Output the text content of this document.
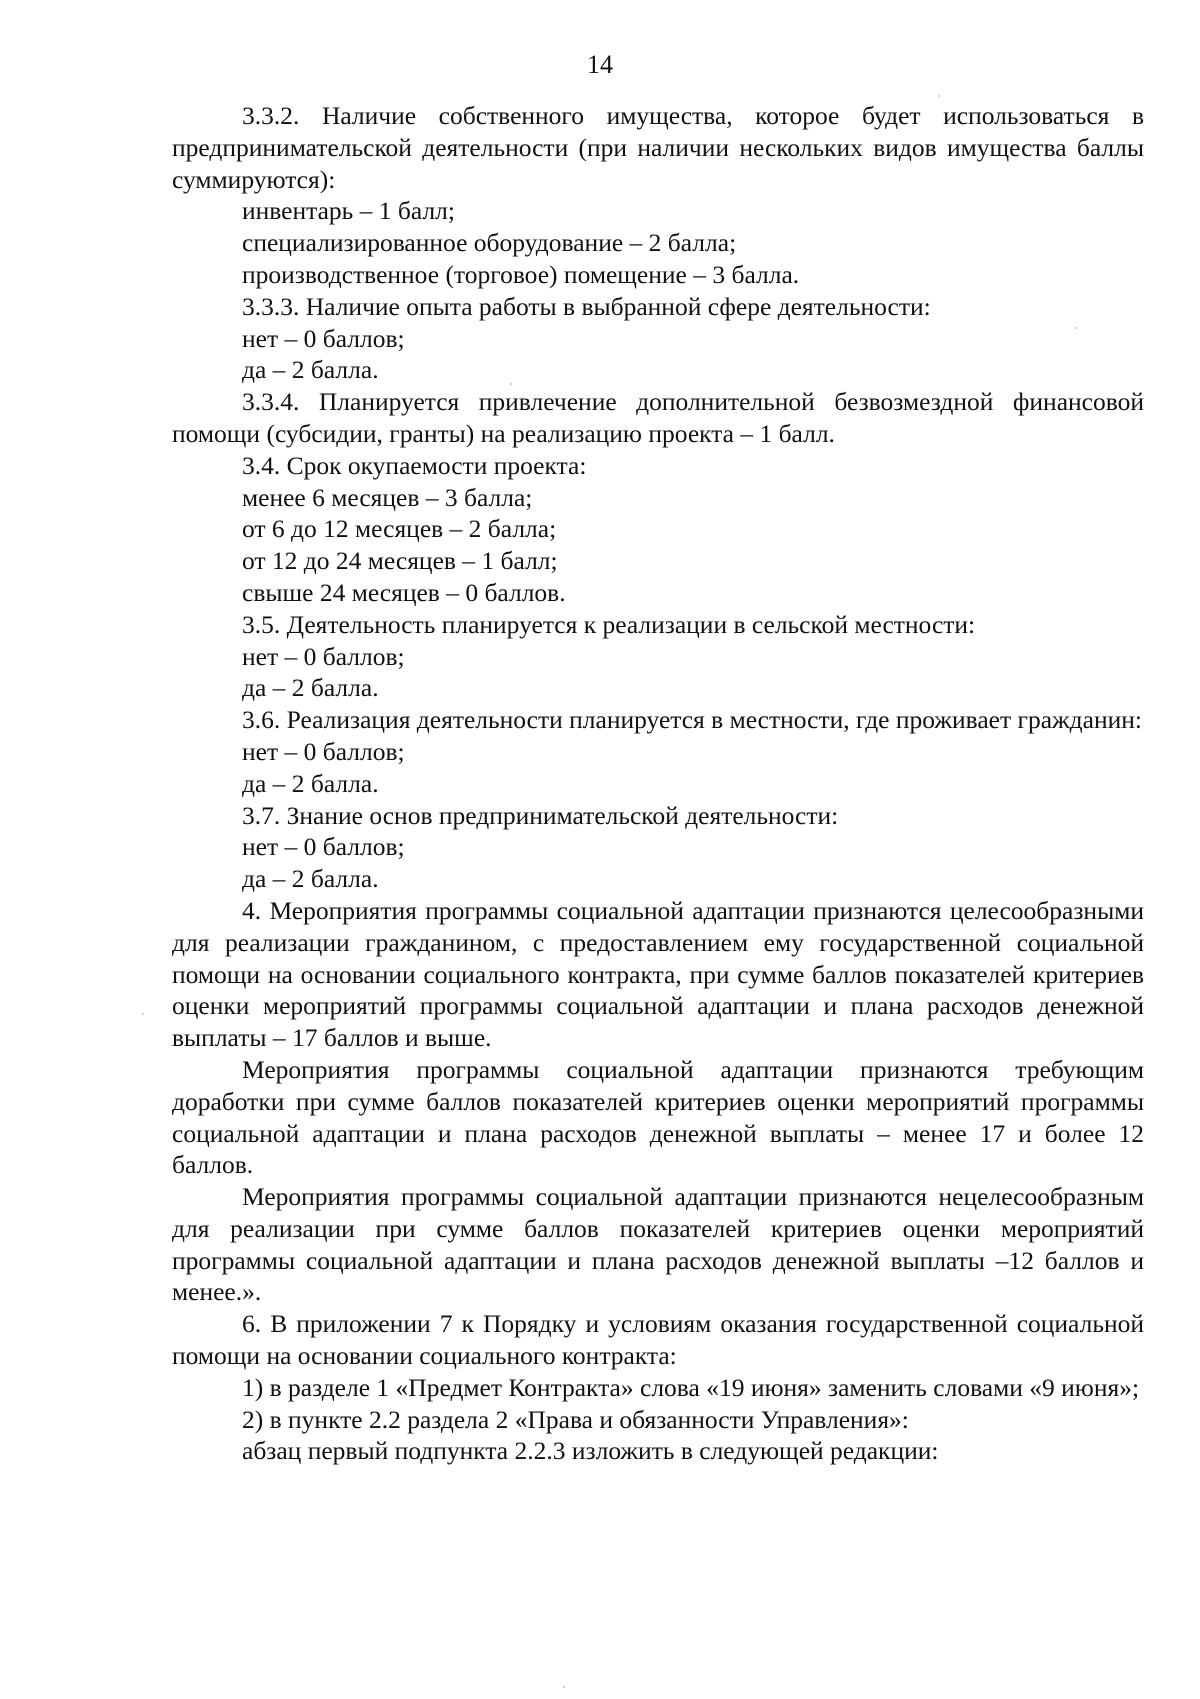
14
3.3.2. Наличие собственного имущества, которое будет использоваться в предпринимательской деятельности (при наличии нескольких видов имущества баллы суммируются):
инвентарь – 1 балл;
специализированное оборудование – 2 балла;
производственное (торговое) помещение – 3 балла.
3.3.3. Наличие опыта работы в выбранной сфере деятельности:
нет – 0 баллов;
да – 2 балла.
3.3.4. Планируется привлечение дополнительной безвозмездной финансовой помощи (субсидии, гранты) на реализацию проекта – 1 балл.
3.4. Срок окупаемости проекта:
менее 6 месяцев – 3 балла;
от 6 до 12 месяцев – 2 балла;
от 12 до 24 месяцев – 1 балл;
свыше 24 месяцев – 0 баллов.
3.5. Деятельность планируется к реализации в сельской местности:
нет – 0 баллов;
да – 2 балла.
3.6. Реализация деятельности планируется в местности, где проживает гражданин:
нет – 0 баллов;
да – 2 балла.
3.7. Знание основ предпринимательской деятельности:
нет – 0 баллов;
да – 2 балла.
4. Мероприятия программы социальной адаптации признаются целесообразными для реализации гражданином, с предоставлением ему государственной социальной помощи на основании социального контракта, при сумме баллов показателей критериев оценки мероприятий программы социальной адаптации и плана расходов денежной выплаты – 17 баллов и выше.
Мероприятия программы социальной адаптации признаются требующим доработки при сумме баллов показателей критериев оценки мероприятий программы социальной адаптации и плана расходов денежной выплаты – менее 17 и более 12 баллов.
Мероприятия программы социальной адаптации признаются нецелесообразным для реализации при сумме баллов показателей критериев оценки мероприятий программы социальной адаптации и плана расходов денежной выплаты –12 баллов и менее.».
6. В приложении 7 к Порядку и условиям оказания государственной социальной помощи на основании социального контракта:
1) в разделе 1 «Предмет Контракта» слова «19 июня» заменить словами «9 июня»;
2) в пункте 2.2 раздела 2 «Права и обязанности Управления»:
абзац первый подпункта 2.2.3 изложить в следующей редакции:
